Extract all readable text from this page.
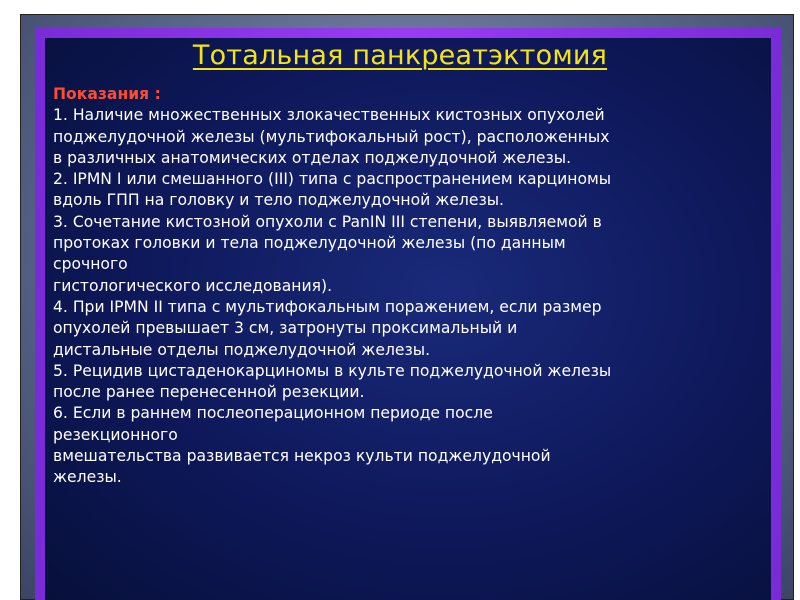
Тотальная панкреатэктомия
Показания :
1. Наличие множественных злокачественных кистозных опухолей
поджелудочной железы (мультифокальный рост), расположенных
в различных анатомических отделах поджелудочной железы.
2. IPMN I или смешанного (III) типа с распространением карциномы
вдоль ГПП на головку и тело поджелудочной железы.
3. Сочетание кистозной опухоли с PanIN III степени, выявляемой в
протоках головки и тела поджелудочной железы (по данным
срочного
гистологического исследования).
4. При IPMN II типа с мультифокальным поражением, если размер
опухолей превышает 3 см, затронуты проксимальный и
дистальные отделы поджелудочной железы.
5. Рецидив цистаденокарциномы в культе поджелудочной железы
после ранее перенесенной резекции.
6. Если в раннем послеоперационном периоде после
резекционного
вмешательства развивается некроз культи поджелудочной
железы.
